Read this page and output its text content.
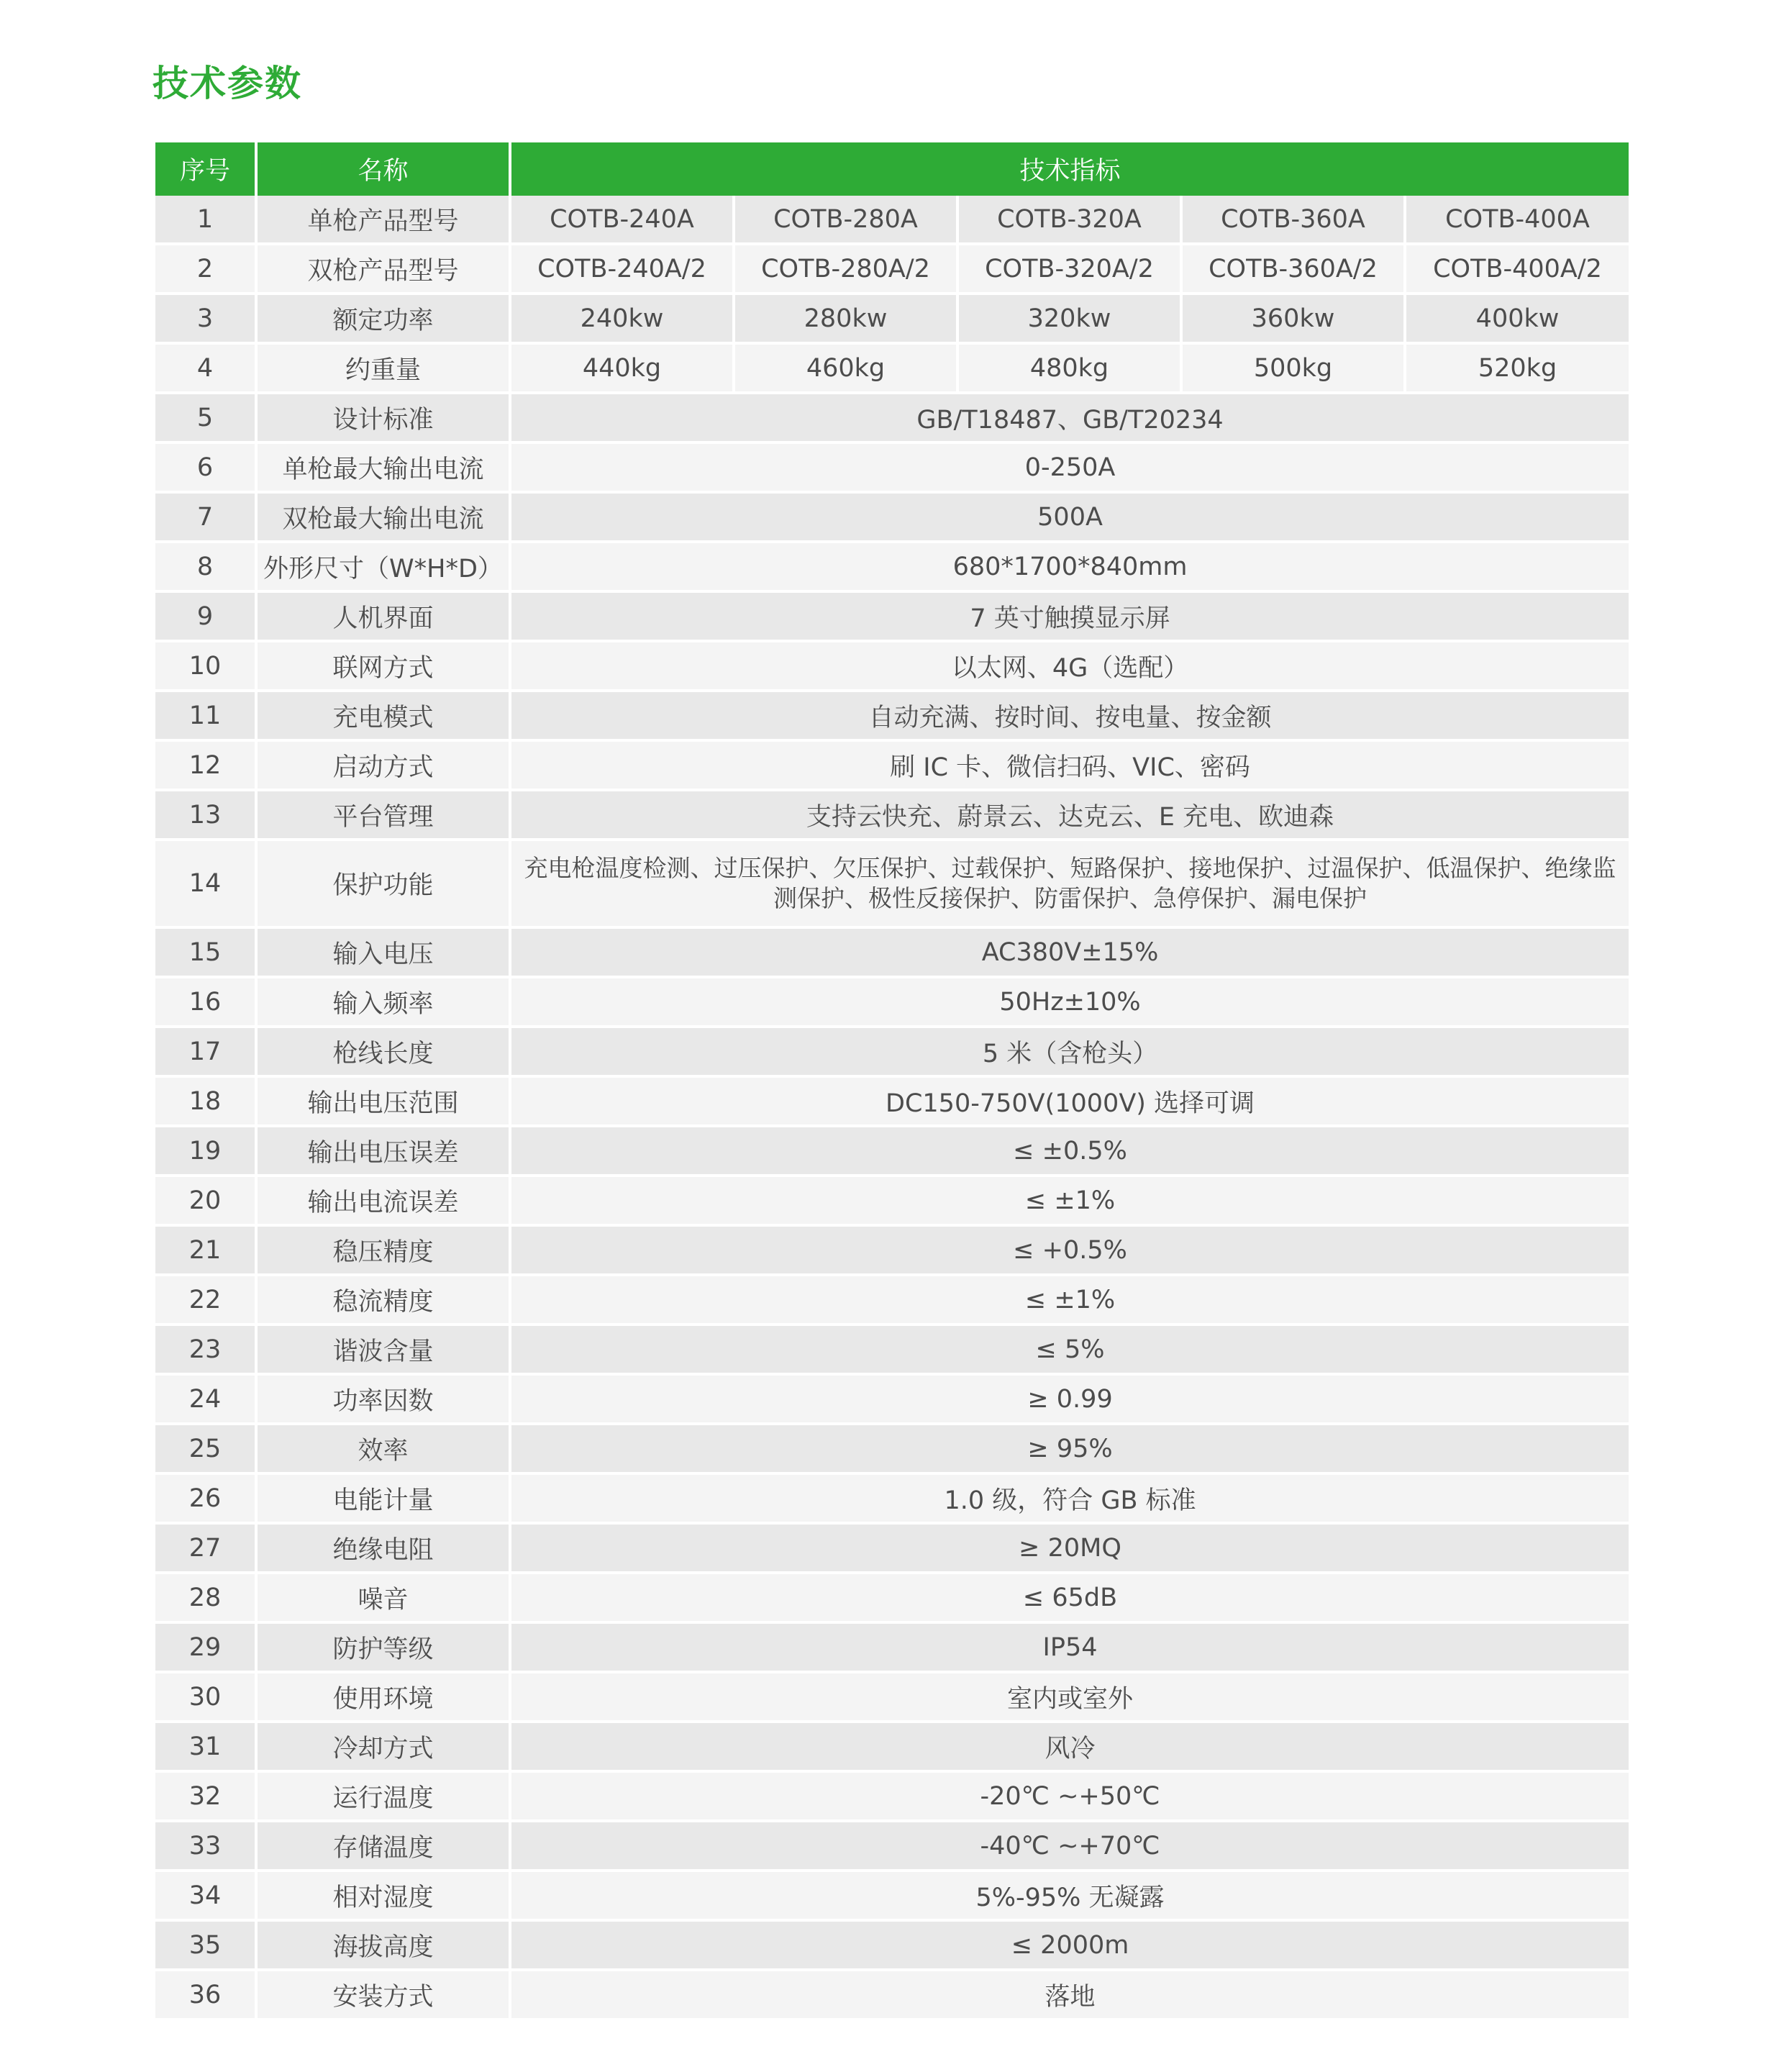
技术参数
序号	名称	技术指标				
1	单枪产品型号	COTB-240A	COTB-280A	COTB-320A	COTB-360A	COTB-400A
2	双枪产品型号	COTB-240A/2	COTB-280A/2	COTB-320A/2	COTB-360A/2	COTB-400A/2
3	额定功率	240kw	280kw	320kw	360kw	400kw
4	约重量	440kg	460kg	480kg	500kg	520kg
5	设计标准	GB/T18487、GB/T20234				
6	单枪最大输出电流	0-250A				
7	双枪最大输出电流	500A				
8	外形尺寸（W*H*D）	680*1700*840mm				
9	人机界面	7 英寸触摸显示屏				
10	联网方式	以太网、4G（选配）				
11	充电模式	自动充满、按时间、按电量、按金额				
12	启动方式	刷 IC 卡、微信扫码、VIC、密码				
13	平台管理	支持云快充、蔚景云、达克云、E 充电、欧迪森				
14	保护功能	充电枪温度检测、过压保护、欠压保护、过载保护、短路保护、接地保护、过温保护、低温保护、绝缘监测保护、极性反接保护、防雷保护、急停保护、漏电保护				
15	输入电压	AC380V±15%				
16	输入频率	50Hz±10%				
17	枪线长度	5 米（含枪头）				
18	输出电压范围	DC150-750V(1000V) 选择可调				
19	输出电压误差	≤ ±0.5%				
20	输出电流误差	≤ ±1%				
21	稳压精度	≤ +0.5%				
22	稳流精度	≤ ±1%				
23	谐波含量	≤ 5%				
24	功率因数	≥ 0.99				
25	效率	≥ 95%				
26	电能计量	1.0 级，符合 GB 标准				
27	绝缘电阻	≥ 20MQ				
28	噪音	≤ 65dB				
29	防护等级	IP54				
30	使用环境	室内或室外				
31	冷却方式	风冷				
32	运行温度	-20℃ ~+50℃				
33	存储温度	-40℃ ~+70℃				
34	相对湿度	5%-95% 无凝露				
35	海拔高度	≤ 2000m				
36	安装方式	落地				
